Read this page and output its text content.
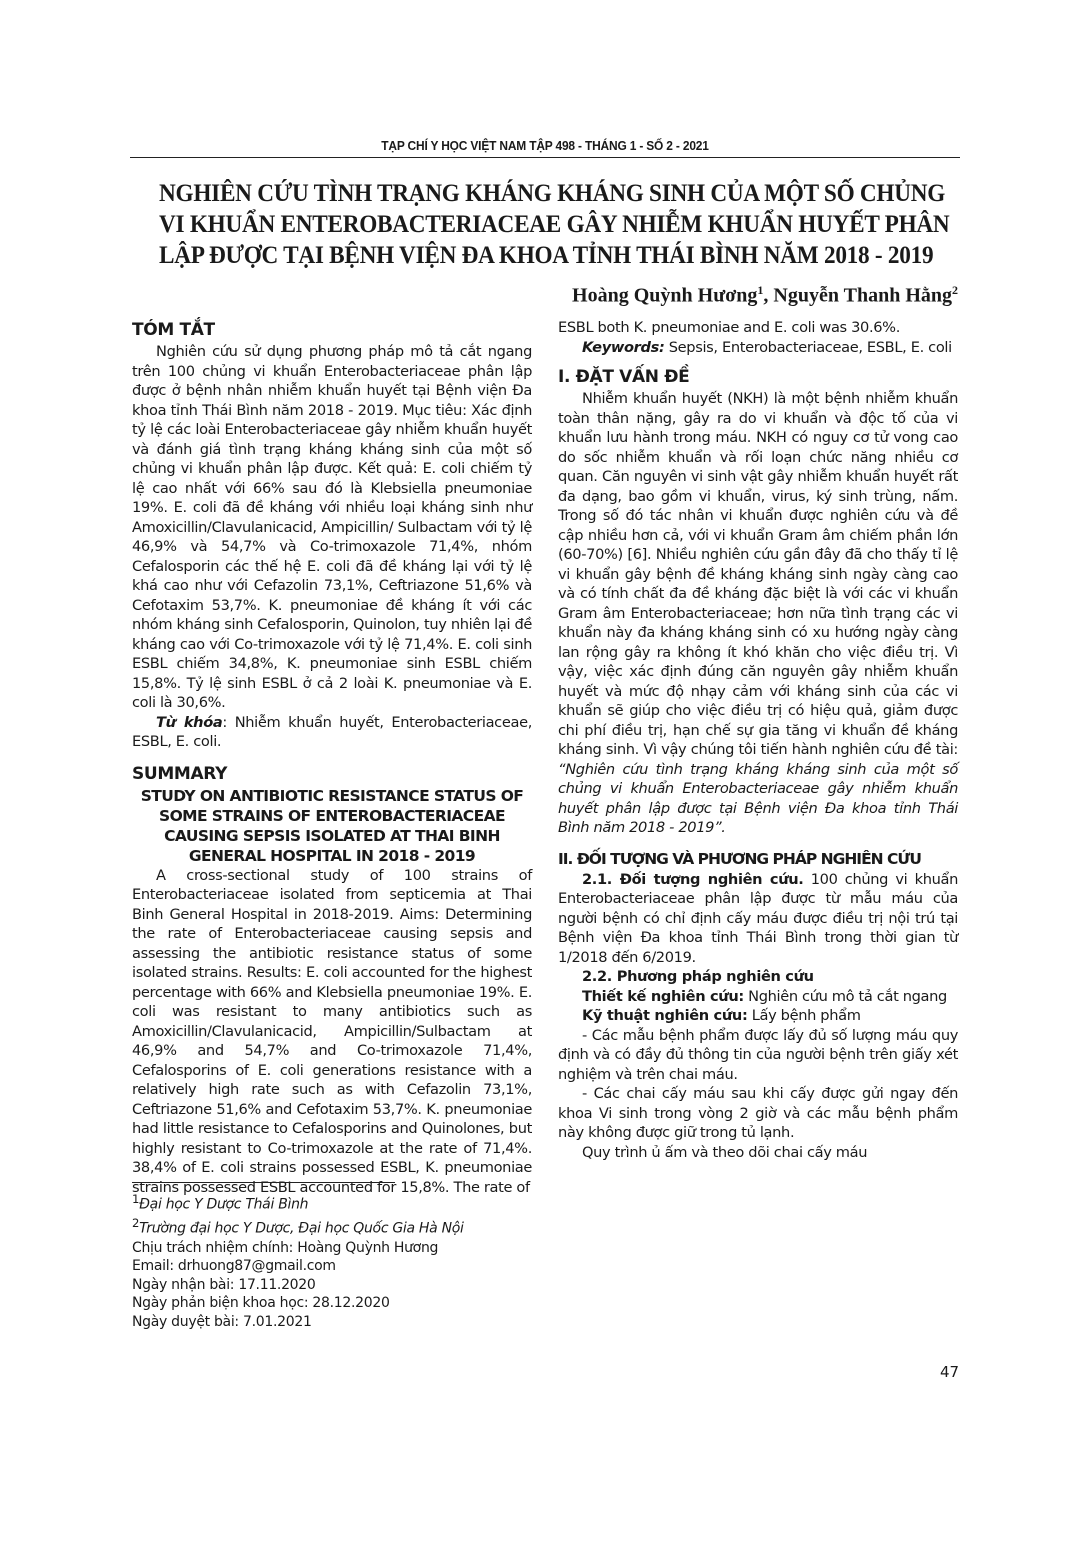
TẠP CHÍ Y HỌC VIỆT NAM TẬP 498 - THÁNG 1 - SỐ 2 - 2021
NGHIÊN CỨU TÌNH TRẠNG KHÁNG KHÁNG SINH CỦA MỘT SỐ CHỦNG
VI KHUẨN ENTEROBACTERIACEAE GÂY NHIỄM KHUẨN HUYẾT PHÂN
LẬP ĐƯỢC TẠI BỆNH VIỆN ĐA KHOA TỈNH THÁI BÌNH NĂM 2018 - 2019
Hoàng Quỳnh Hương$^1$, Nguyễn Thanh Hằng$^2$

TÓM TẮT

Nghiên cứu sử dụng phương pháp mô tả cắt ngang trên 100 chủng vi khuẩn Enterobacteriaceae phân lập được ở bệnh nhân nhiễm khuẩn huyết tại Bệnh viện Đa khoa tỉnh Thái Bình năm 2018 - 2019. Mục tiêu: Xác định tỷ lệ các loài Enterobacteriaceae gây nhiễm khuẩn huyết và đánh giá tình trạng kháng kháng sinh của một số chủng vi khuẩn phân lập được. Kết quả: E. coli chiếm tỷ lệ cao nhất với 66% sau đó là Klebsiella pneumoniae 19%. E. coli đã đề kháng với nhiều loại kháng sinh như Amoxicillin/Clavulanicacid, Ampicillin/ Sulbactam với tỷ lệ 46,9% và 54,7% và Co-trimoxazole 71,4%, nhóm Cefalosporin các thế hệ E. coli đã đề kháng lại với tỷ lệ khá cao như với Cefazolin 73,1%, Ceftriazone 51,6% và Cefotaxim 53,7%. K. pneumoniae đề kháng ít với các nhóm kháng sinh Cefalosporin, Quinolon, tuy nhiên lại đề kháng cao với Co-trimoxazole với tỷ lệ 71,4%. E. coli sinh ESBL chiếm 34,8%, K. pneumoniae sinh ESBL chiếm 15,8%. Tỷ lệ sinh ESBL ở cả 2 loài K. pneumoniae và E. coli là 30,6%.

Từ khóa: Nhiễm khuẩn huyết, Enterobacteriaceae, ESBL, E. coli.

SUMMARY

STUDY ON ANTIBIOTIC RESISTANCE STATUS OF SOME STRAINS OF ENTEROBACTERIACEAE CAUSING SEPSIS ISOLATED AT THAI BINH GENERAL HOSPITAL IN 2018 - 2019

A cross-sectional study of 100 strains of Enterobacteriaceae isolated from septicemia at Thai Binh General Hospital in 2018-2019. Aims: Determining the rate of Enterobacteriaceae causing sepsis and assessing the antibiotic resistance status of some isolated strains. Results: E. coli accounted for the highest percentage with 66% and Klebsiella pneumoniae 19%. E. coli was resistant to many antibiotics such as Amoxicillin/Clavulanicacid, Ampicillin/Sulbactam at 46,9% and 54,7% and Co-trimoxazole 71,4%, Cefalosporins of E. coli generations resistance with a relatively high rate such as with Cefazolin 73,1%, Ceftriazone 51,6% and Cefotaxim 53,7%. K. pneumoniae had little resistance to Cefalosporins and Quinolones, but highly resistant to Co-trimoxazole at the rate of 71,4%. 38,4% of E. coli strains possessed ESBL, K. pneumoniae strains possessed ESBL accounted for 15,8%. The rate of

ESBL both K. pneumoniae and E. coli was 30.6%.

Keywords: Sepsis, Enterobacteriaceae, ESBL, E. coli

I. ĐẶT VẤN ĐỀ

Nhiễm khuẩn huyết (NKH) là một bệnh nhiễm khuẩn toàn thân nặng, gây ra do vi khuẩn và độc tố của vi khuẩn lưu hành trong máu. NKH có nguy cơ tử vong cao do sốc nhiễm khuẩn và rối loạn chức năng nhiều cơ quan. Căn nguyên vi sinh vật gây nhiễm khuẩn huyết rất đa dạng, bao gồm vi khuẩn, virus, ký sinh trùng, nấm. Trong số đó tác nhân vi khuẩn được nghiên cứu và đề cập nhiều hơn cả, với vi khuẩn Gram âm chiếm phần lớn (60-70%) [6]. Nhiều nghiên cứu gần đây đã cho thấy tỉ lệ vi khuẩn gây bệnh đề kháng kháng sinh ngày càng cao và có tính chất đa đề kháng đặc biệt là với các vi khuẩn Gram âm Enterobacteriaceae; hơn nữa tình trạng các vi khuẩn này đa kháng kháng sinh có xu hướng ngày càng lan rộng gây ra không ít khó khăn cho việc điều trị. Vì vậy, việc xác định đúng căn nguyên gây nhiễm khuẩn huyết và mức độ nhạy cảm với kháng sinh của các vi khuẩn sẽ giúp cho việc điều trị có hiệu quả, giảm được chi phí điều trị, hạn chế sự gia tăng vi khuẩn đề kháng kháng sinh. Vì vậy chúng tôi tiến hành nghiên cứu đề tài: “Nghiên cứu tình trạng kháng kháng sinh của một số chủng vi khuẩn Enterobacteriaceae gây nhiễm khuẩn huyết phân lập được tại Bệnh viện Đa khoa tỉnh Thái Bình năm 2018 - 2019”.

II. ĐỐI TƯỢNG VÀ PHƯƠNG PHÁP NGHIÊN CỨU

2.1. Đối tượng nghiên cứu. 100 chủng vi khuẩn Enterobacteriaceae phân lập được từ mẫu máu của người bệnh có chỉ định cấy máu được điều trị nội trú tại Bệnh viện Đa khoa tỉnh Thái Bình trong thời gian từ 1/2018 đến 6/2019.

2.2. Phương pháp nghiên cứu

Thiết kế nghiên cứu: Nghiên cứu mô tả cắt ngang

Kỹ thuật nghiên cứu: Lấy bệnh phẩm

- Các mẫu bệnh phẩm được lấy đủ số lượng máu quy định và có đầy đủ thông tin của người bệnh trên giấy xét nghiệm và trên chai máu.

- Các chai cấy máu sau khi cấy được gửi ngay đến khoa Vi sinh trong vòng 2 giờ và các mẫu bệnh phẩm này không được giữ trong tủ lạnh.

Quy trình ủ ấm và theo dõi chai cấy máu

$^1$Đại học Y Dược Thái Bình
$^2$Trường đại học Y Dược, Đại học Quốc Gia Hà Nội
Chịu trách nhiệm chính: Hoàng Quỳnh Hương
Email: drhuong87@gmail.com
Ngày nhận bài: 17.11.2020
Ngày phản biện khoa học: 28.12.2020
Ngày duyệt bài: 7.01.2021
47
